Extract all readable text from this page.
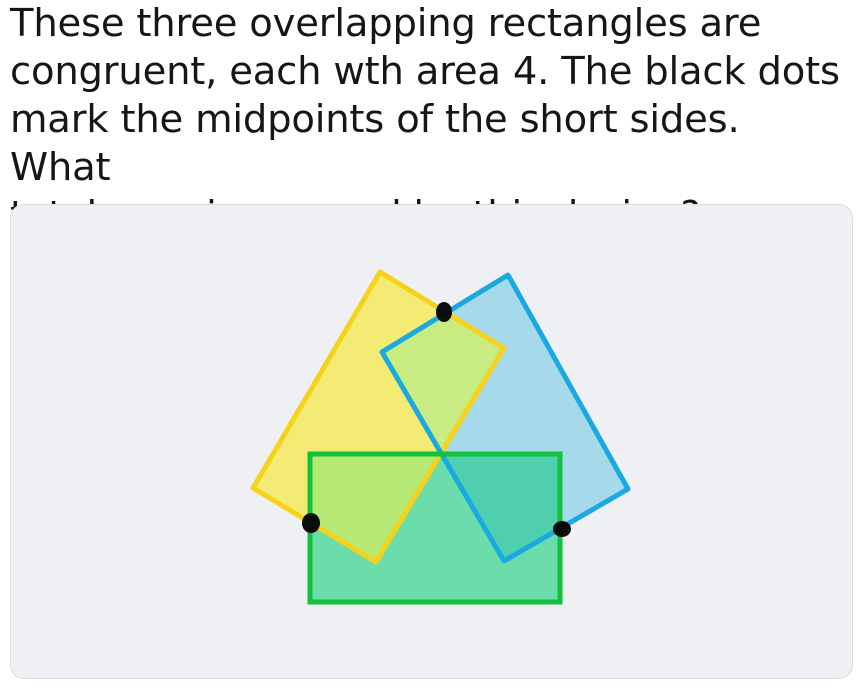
These three overlapping rectangles are
congruent, each wth area 4. The black dots
mark the midpoints of the short sides.  What
